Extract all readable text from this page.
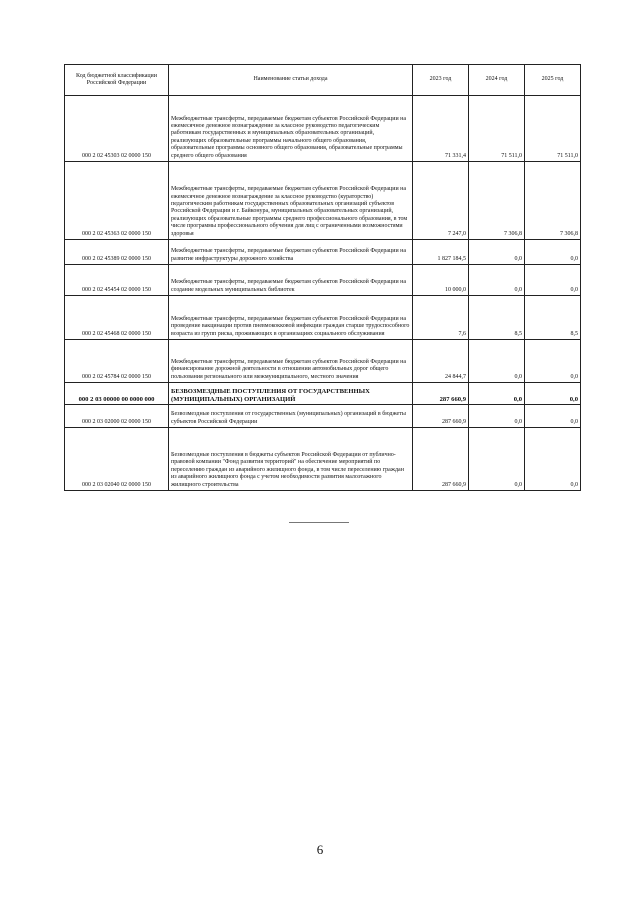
Код бюджетной классификации Российской Федерации	Наименование статьи дохода	2023 год	2024 год	2025 год
000 2 02 45303 02 0000 150	Межбюджетные трансферты, передаваемые бюджетам субъектов Российской Федерации на ежемесячное денежное вознаграждение за классное руководство педагогическим работникам государственных и муниципальных образовательных организаций, реализующих образовательные программы начального общего образования, образовательные программы основного общего образования, образовательные программы среднего общего образования	71 331,4	71 511,0	71 511,0
000 2 02 45363 02 0000 150	Межбюджетные трансферты, передаваемые бюджетам субъектов Российской Федерации на ежемесячное денежное вознаграждение за классное руководство (кураторство) педагогическим работникам государственных образовательных организаций субъектов Российской Федерации и г. Байконура, муниципальных образовательных организаций, реализующих образовательные программы среднего профессионального образования, в том числе программы профессионального обучения для лиц с ограниченными возможностями здоровья	7 247,0	7 306,8	7 306,8
000 2 02 45389 02 0000 150	Межбюджетные трансферты, передаваемые бюджетам субъектов Российской Федерации на развитие инфраструктуры дорожного хозяйства	1 827 184,5	0,0	0,0
000 2 02 45454 02 0000 150	Межбюджетные трансферты, передаваемые бюджетам субъектов Российской Федерации на создание модельных муниципальных библиотек	10 000,0	0,0	0,0
000 2 02 45468 02 0000 150	Межбюджетные трансферты, передаваемые бюджетам субъектов Российской Федерации на проведение вакцинации против пневмококковой инфекции граждан старше трудоспособного возраста из групп риска, проживающих в организациях социального обслуживания	7,6	8,5	8,5
000 2 02 45784 02 0000 150	Межбюджетные трансферты, передаваемые бюджетам субъектов Российской Федерации на финансирование дорожной деятельности в отношении автомобильных дорог общего пользования регионального или межмуниципального, местного значения	24 844,7	0,0	0,0
000 2 03 00000 00 0000 000	БЕЗВОЗМЕЗДНЫЕ ПОСТУПЛЕНИЯ ОТ ГОСУДАРСТВЕННЫХ (МУНИЦИПАЛЬНЫХ) ОРГАНИЗАЦИЙ	287 660,9	0,0	0,0
000 2 03 02000 02 0000 150	Безвозмездные поступления от государственных (муниципальных) организаций в бюджеты субъектов Российской Федерации	287 660,9	0,0	0,0
000 2 03 02040 02 0000 150	Безвозмездные поступления в бюджеты субъектов Российской Федерации от публично-правовой компании "Фонд развития территорий" на обеспечение мероприятий по переселению граждан из аварийного жилищного фонда, в том числе переселению граждан из аварийного жилищного фонда с учетом необходимости развития малоэтажного жилищного строительства	287 660,9	0,0	0,0
6
